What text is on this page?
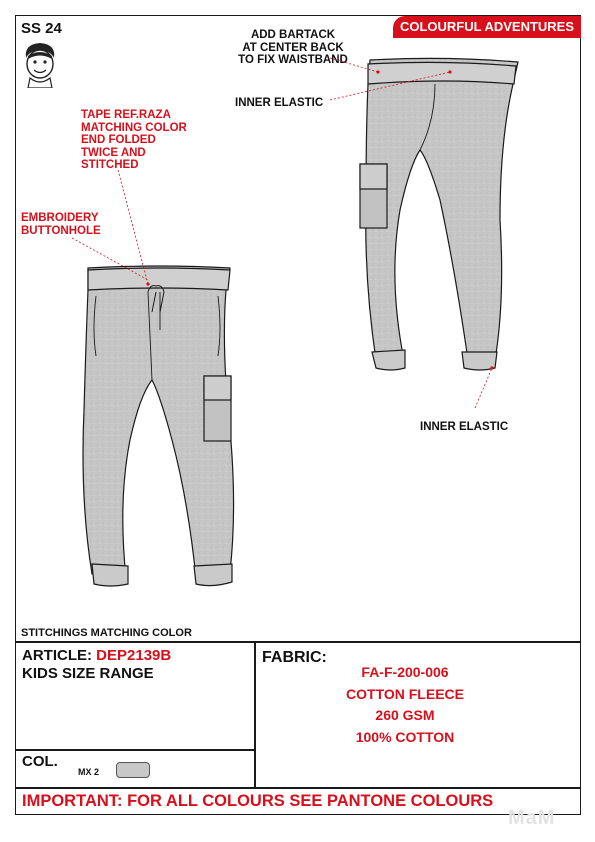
SS 24	COLOURFUL ADVENTURES
ADD BARTACK
AT CENTER BACK
TO FIX WAISTBAND
INNER ELASTIC
TAPE REF.RAZA
MATCHING COLOR
END FOLDED
TWICE AND
STITCHED
EMBROIDERY
BUTTONHOLE
INNER ELASTIC
STITCHINGS MATCHING COLOR
ARTICLE: DEP2139B
KIDS SIZE RANGE
FABRIC:
FA-F-200-006
COTTON FLEECE
260 GSM
100% COTTON
COL.
MX 2
IMPORTANT: FOR ALL COLOURS SEE PANTONE COLOURS
MaM
